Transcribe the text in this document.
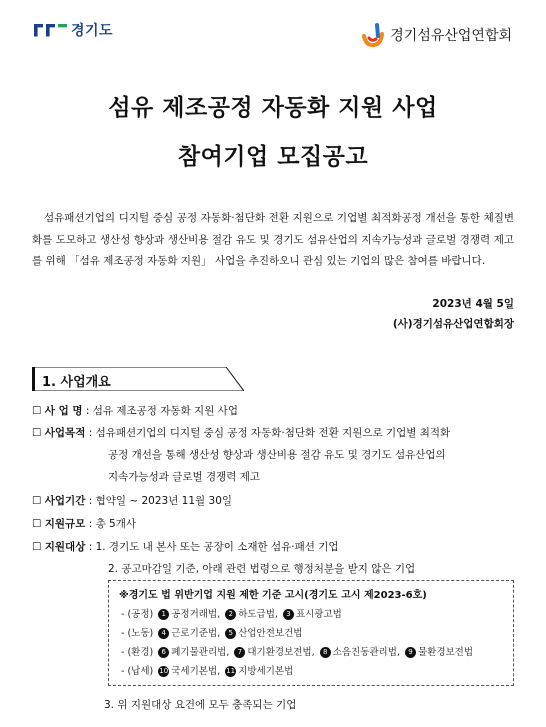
경기도	경기섬유산업연합회
섬유 제조공정 자동화 지원 사업
참여기업 모집공고
섬유패션기업의 디지털 중심 공정 자동화·첨단화 전환 지원으로 기업별 최적화공정 개선을 통한 체질변화를 도모하고 생산성 향상과 생산비용 절감 유도 및 경기도 섬유산업의 지속가능성과 글로벌 경쟁력 제고를 위해 「섬유 제조공정 자동화 지원」 사업을 추진하오니 관심 있는 기업의 많은 참여를 바랍니다.
2023년 4월 5일
(사)경기섬유산업연합회장
1. 사업개요
☐ 사 업 명 : 섬유 제조공정 자동화 지원 사업
☐ 사업목적 : 섬유패션기업의 디지털 중심 공정 자동화·첨단화 전환 지원으로 기업별 최적화
공정 개선을 통해 생산성 향상과 생산비용 절감 유도 및 경기도 섬유산업의
지속가능성과 글로벌 경쟁력 제고
☐ 사업기간 : 협약일 ~ 2023년 11월 30일
☐ 지원규모 : 총 5개사
☐ 지원대상 : 1. 경기도 내 본사 또는 공장이 소재한 섬유·패션 기업
2. 공고마감일 기준, 아래 관련 법령으로 행정처분을 받지 않은 기업
※경기도 법 위반기업 지원 제한 기준 고시(경기도 고시 제2023-6호)
- (공정) 1 공정거래법, 2 하도급법, 3 표시광고법
- (노동) 4 근로기준법, 5 산업안전보건법
- (환경) 6 폐기물관리법, 7 대기환경보전법, 8 소음진동관리법, 9 물환경보전법
- (납세) 10 국세기본법, 11 지방세기본법
3. 위 지원대상 요건에 모두 충족되는 기업
